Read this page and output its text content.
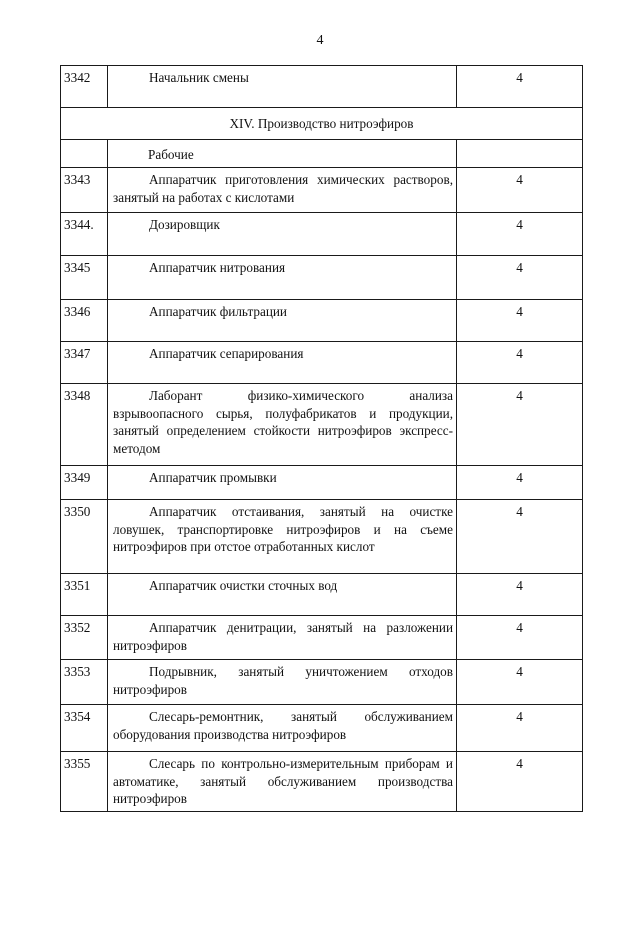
4
3342	Начальник смены	4
XIV. Производство нитроэфиров		
	Рабочие	
3343	Аппаратчик приготовления химических растворов, занятый на работах с кислотами	4
3344.	Дозировщик	4
3345	Аппаратчик нитрования	4
3346	Аппаратчик фильтрации	4
3347	Аппаратчик сепарирования	4
3348	Лаборант физико-химического анализа взрывоопасного сырья, полуфабрикатов и продукции, занятый определением стойкости нитроэфиров экспресс-методом	4
3349	Аппаратчик промывки	4
3350	Аппаратчик отстаивания, занятый на очистке ловушек, транспортировке нитроэфиров и на съеме нитроэфиров при отстое отработанных кислот	4
3351	Аппаратчик очистки сточных вод	4
3352	Аппаратчик денитрации, занятый на разложении нитроэфиров	4
3353	Подрывник, занятый уничтожением отходов нитроэфиров	4
3354	Слесарь-ремонтник, занятый обслуживанием оборудования производства нитроэфиров	4
3355	Слесарь по контрольно-измерительным приборам и автоматике, занятый обслуживанием производства нитроэфиров	4
